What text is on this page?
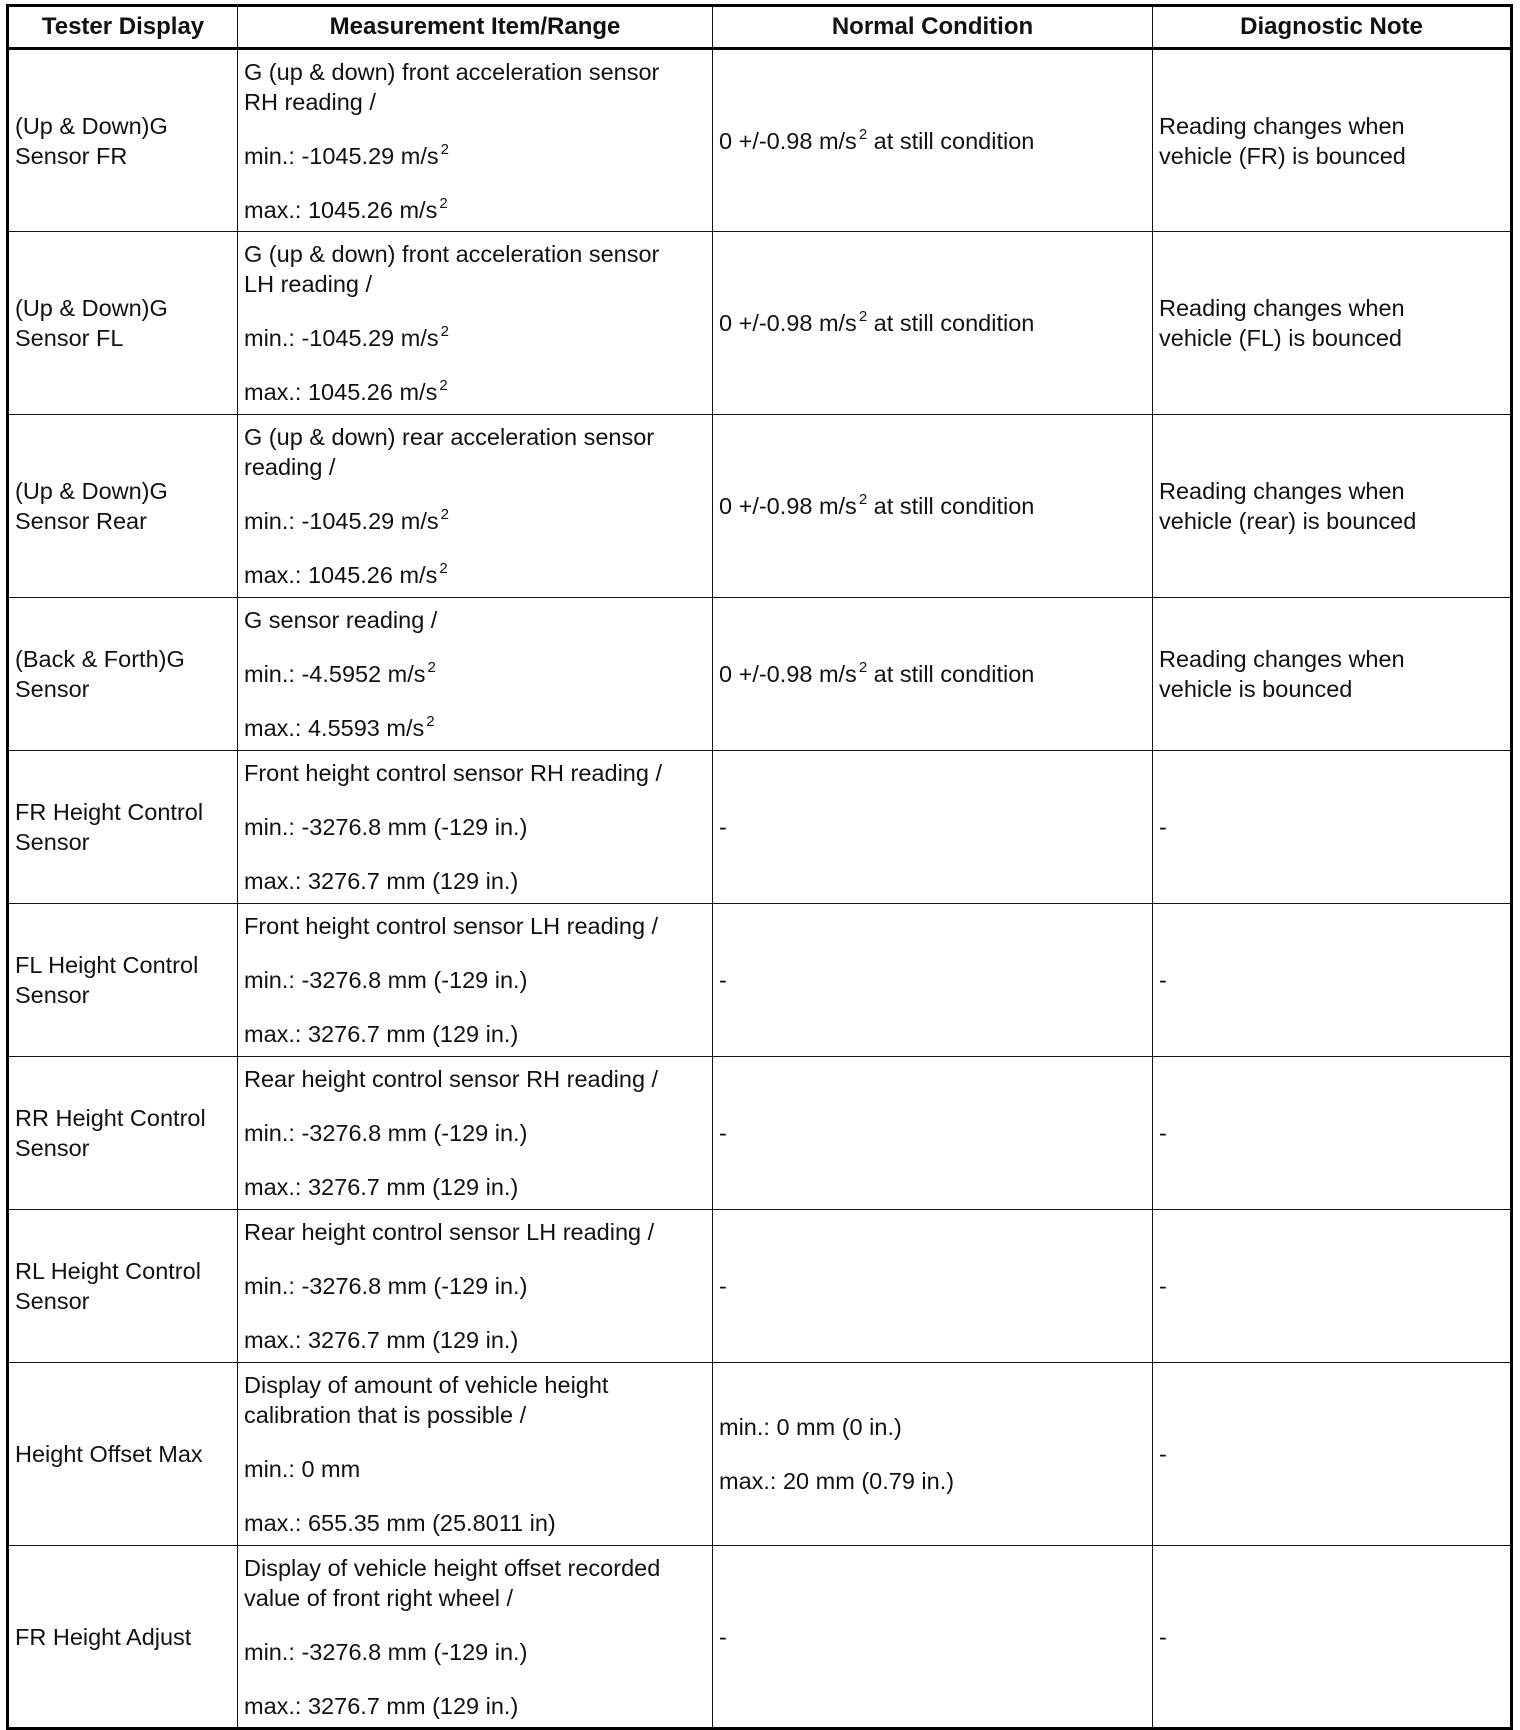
Tester Display	Measurement Item/Range	Normal Condition	Diagnostic Note
(Up & Down)G Sensor FR	G (up & down) front acceleration sensor
RH reading /
min.: -1045.29 m/s $^2$
max.: 1045.26 m/s $^2$	0 +/-0.98 m/s $^2$ at still condition	Reading changes when
vehicle (FR) is bounced

(Up & Down)G Sensor FL	G (up & down) front acceleration sensor
LH reading /
min.: -1045.29 m/s $^2$
max.: 1045.26 m/s $^2$	0 +/-0.98 m/s $^2$ at still condition	Reading changes when
vehicle (FL) is bounced

(Up & Down)G Sensor Rear	G (up & down) rear acceleration sensor
reading /
min.: -1045.29 m/s $^2$
max.: 1045.26 m/s $^2$	0 +/-0.98 m/s $^2$ at still condition	Reading changes when
vehicle (rear) is bounced

(Back & Forth)G Sensor	G sensor reading /
min.: -4.5952 m/s $^2$
max.: 4.5593 m/s $^2$	0 +/-0.98 m/s $^2$ at still condition	Reading changes when
vehicle is bounced

FR Height Control Sensor	Front height control sensor RH reading /
min.: -3276.8 mm (-129 in.)
max.: 3276.7 mm (129 in.)	-	-

FL Height Control Sensor	Front height control sensor LH reading /
min.: -3276.8 mm (-129 in.)
max.: 3276.7 mm (129 in.)	-	-

RR Height Control Sensor	Rear height control sensor RH reading /
min.: -3276.8 mm (-129 in.)
max.: 3276.7 mm (129 in.)	-	-

RL Height Control Sensor	Rear height control sensor LH reading /
min.: -3276.8 mm (-129 in.)
max.: 3276.7 mm (129 in.)	-	-

Height Offset Max	Display of amount of vehicle height
calibration that is possible /
min.: 0 mm
max.: 655.35 mm (25.8011 in)	min.: 0 mm (0 in.)
max.: 20 mm (0.79 in.)	-

FR Height Adjust	Display of vehicle height offset recorded
value of front right wheel /
min.: -3276.8 mm (-129 in.)
max.: 3276.7 mm (129 in.)	-	-
